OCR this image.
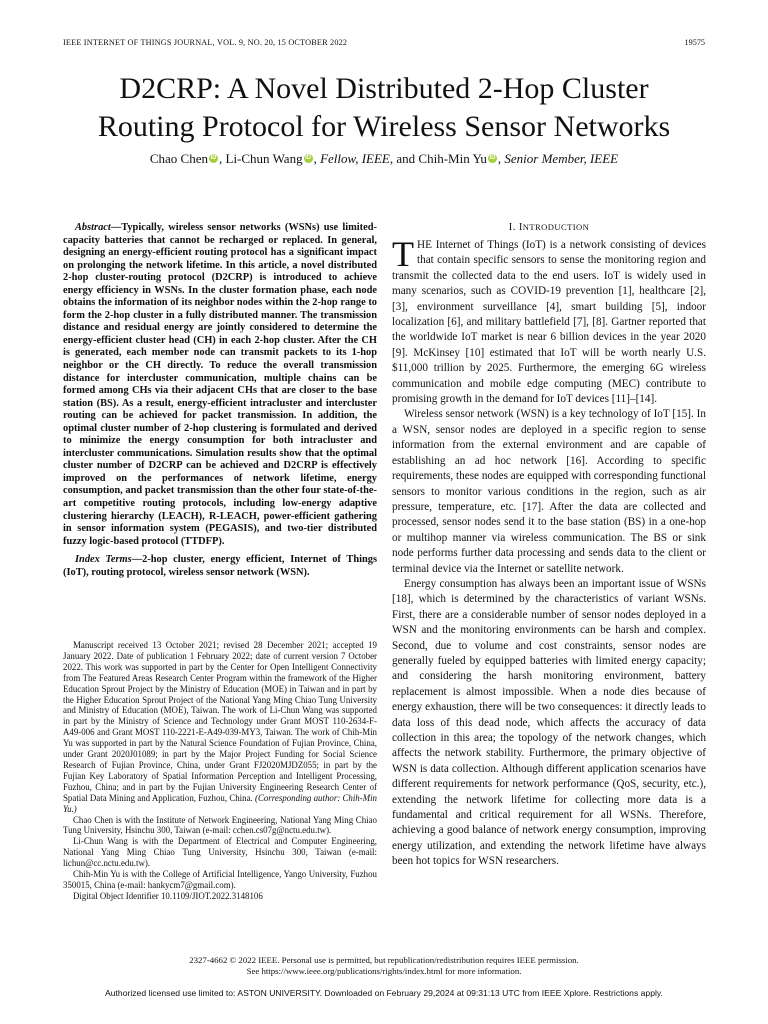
IEEE INTERNET OF THINGS JOURNAL, VOL. 9, NO. 20, 15 OCTOBER 2022	19575
D2CRP: A Novel Distributed 2-Hop Cluster
Routing Protocol for Wireless Sensor Networks
Chao Chen iD , Li-Chun Wang iD , Fellow, IEEE, and Chih-Min Yu iD , Senior Member, IEEE

Abstract—Typically, wireless sensor networks (WSNs) use limited-capacity batteries that cannot be recharged or replaced. In general, designing an energy-efficient routing protocol has a significant impact on prolonging the network lifetime. In this article, a novel distributed 2-hop cluster-routing protocol (D2CRP) is introduced to achieve energy efficiency in WSNs. In the cluster formation phase, each node obtains the information of its neighbor nodes within the 2-hop range to form the 2-hop cluster in a fully distributed manner. The transmission distance and residual energy are jointly considered to determine the energy-efficient cluster head (CH) in each 2-hop cluster. After the CH is generated, each member node can transmit packets to its 1-hop neighbor or the CH directly. To reduce the overall transmission distance for intercluster communication, multiple chains can be formed among CHs via their adjacent CHs that are closer to the base station (BS). As a result, energy-efficient intracluster and intercluster routing can be achieved for packet transmission. In addition, the optimal cluster number of 2-hop clustering is formulated and derived to minimize the energy consumption for both intracluster and intercluster communications. Simulation results show that the optimal cluster number of D2CRP can be achieved and D2CRP is effectively improved on the performances of network lifetime, energy consumption, and packet transmission than the other four state-of-the-art competitive routing protocols, including low-energy adaptive clustering hierarchy (LEACH), R-LEACH, power-efficient gathering in sensor information system (PEGASIS), and two-tier distributed fuzzy logic-based protocol (TTDFP).

Index Terms—2-hop cluster, energy efficient, Internet of Things (IoT), routing protocol, wireless sensor network (WSN).

Manuscript received 13 October 2021; revised 28 December 2021; accepted 19 January 2022. Date of publication 1 February 2022; date of current version 7 October 2022. This work was supported in part by the Center for Open Intelligent Connectivity from The Featured Areas Research Center Program within the framework of the Higher Education Sprout Project by the Ministry of Education (MOE) in Taiwan and in part by the Higher Education Sprout Project of the National Yang Ming Chiao Tung University and Ministry of Education (MOE), Taiwan. The work of Li-Chun Wang was supported in part by the Ministry of Science and Technology under Grant MOST 110-2634-F-A49-006 and Grant MOST 110-2221-E-A49-039-MY3, Taiwan. The work of Chih-Min Yu was supported in part by the Natural Science Foundation of Fujian Province, China, under Grant 2020J01089; in part by the Major Project Funding for Social Science Research of Fujian Province, China, under Grant FJ2020MJDZ055; in part by the Fujian Key Laboratory of Spatial Information Perception and Intelligent Processing, Fuzhou, China; and in part by the Fujian University Engineering Research Center of Spatial Data Mining and Application, Fuzhou, China. (Corresponding author: Chih-Min Yu.)

Chao Chen is with the Institute of Network Engineering, National Yang Ming Chiao Tung University, Hsinchu 300, Taiwan (e-mail: cchen.cs07g@nctu.edu.tw).

Li-Chun Wang is with the Department of Electrical and Computer Engineering, National Yang Ming Chiao Tung University, Hsinchu 300, Taiwan (e-mail: lichun@cc.nctu.edu.tw).

Chih-Min Yu is with the College of Artificial Intelligence, Yango University, Fuzhou 350015, China (e-mail: hankycm7@gmail.com).

Digital Object Identifier 10.1109/JIOT.2022.3148106

I. INTRODUCTION

THE Internet of Things (IoT) is a network consisting of devices that contain specific sensors to sense the monitoring region and transmit the collected data to the end users. IoT is widely used in many scenarios, such as COVID-19 prevention [1], healthcare [2], [3], environment surveillance [4], smart building [5], indoor localization [6], and military battlefield [7], [8]. Gartner reported that the worldwide IoT market is near 6 billion devices in the year 2020 [9]. McKinsey [10] estimated that IoT will be worth nearly U.S. $11,000 trillion by 2025. Furthermore, the emerging 6G wireless communication and mobile edge computing (MEC) contribute to promising growth in the demand for IoT devices [11]–[14].

Wireless sensor network (WSN) is a key technology of IoT [15]. In a WSN, sensor nodes are deployed in a specific region to sense information from the external environment and are capable of establishing an ad hoc network [16]. According to specific requirements, these nodes are equipped with corresponding functional sensors to monitor various conditions in the region, such as air pressure, temperature, etc. [17]. After the data are collected and processed, sensor nodes send it to the base station (BS) in a one-hop or multihop manner via wireless communication. The BS or sink node performs further data processing and sends data to the client or terminal device via the Internet or satellite network.

Energy consumption has always been an important issue of WSNs [18], which is determined by the characteristics of variant WSNs. First, there are a considerable number of sensor nodes deployed in a WSN and the monitoring environments can be harsh and complex. Second, due to volume and cost constraints, sensor nodes are generally fueled by equipped batteries with limited energy capacity; and considering the harsh monitoring environment, battery replacement is almost impossible. When a node dies because of energy exhaustion, there will be two consequences: it directly leads to data loss of this dead node, which affects the accuracy of data collection in this area; the topology of the network changes, which affects the network stability. Furthermore, the primary objective of WSN is data collection. Although different application scenarios have different requirements for network performance (QoS, security, etc.), extending the network lifetime for collecting more data is a fundamental and critical requirement for all WSNs. Therefore, achieving a good balance of network energy consumption, improving energy utilization, and extending the network lifetime have always been hot topics for WSN researchers.

2327-4662 © 2022 IEEE. Personal use is permitted, but republication/redistribution requires IEEE permission.
See https://www.ieee.org/publications/rights/index.html for more information.
Authorized licensed use limited to: ASTON UNIVERSITY. Downloaded on February 29,2024 at 09:31:13 UTC from IEEE Xplore. Restrictions apply.
